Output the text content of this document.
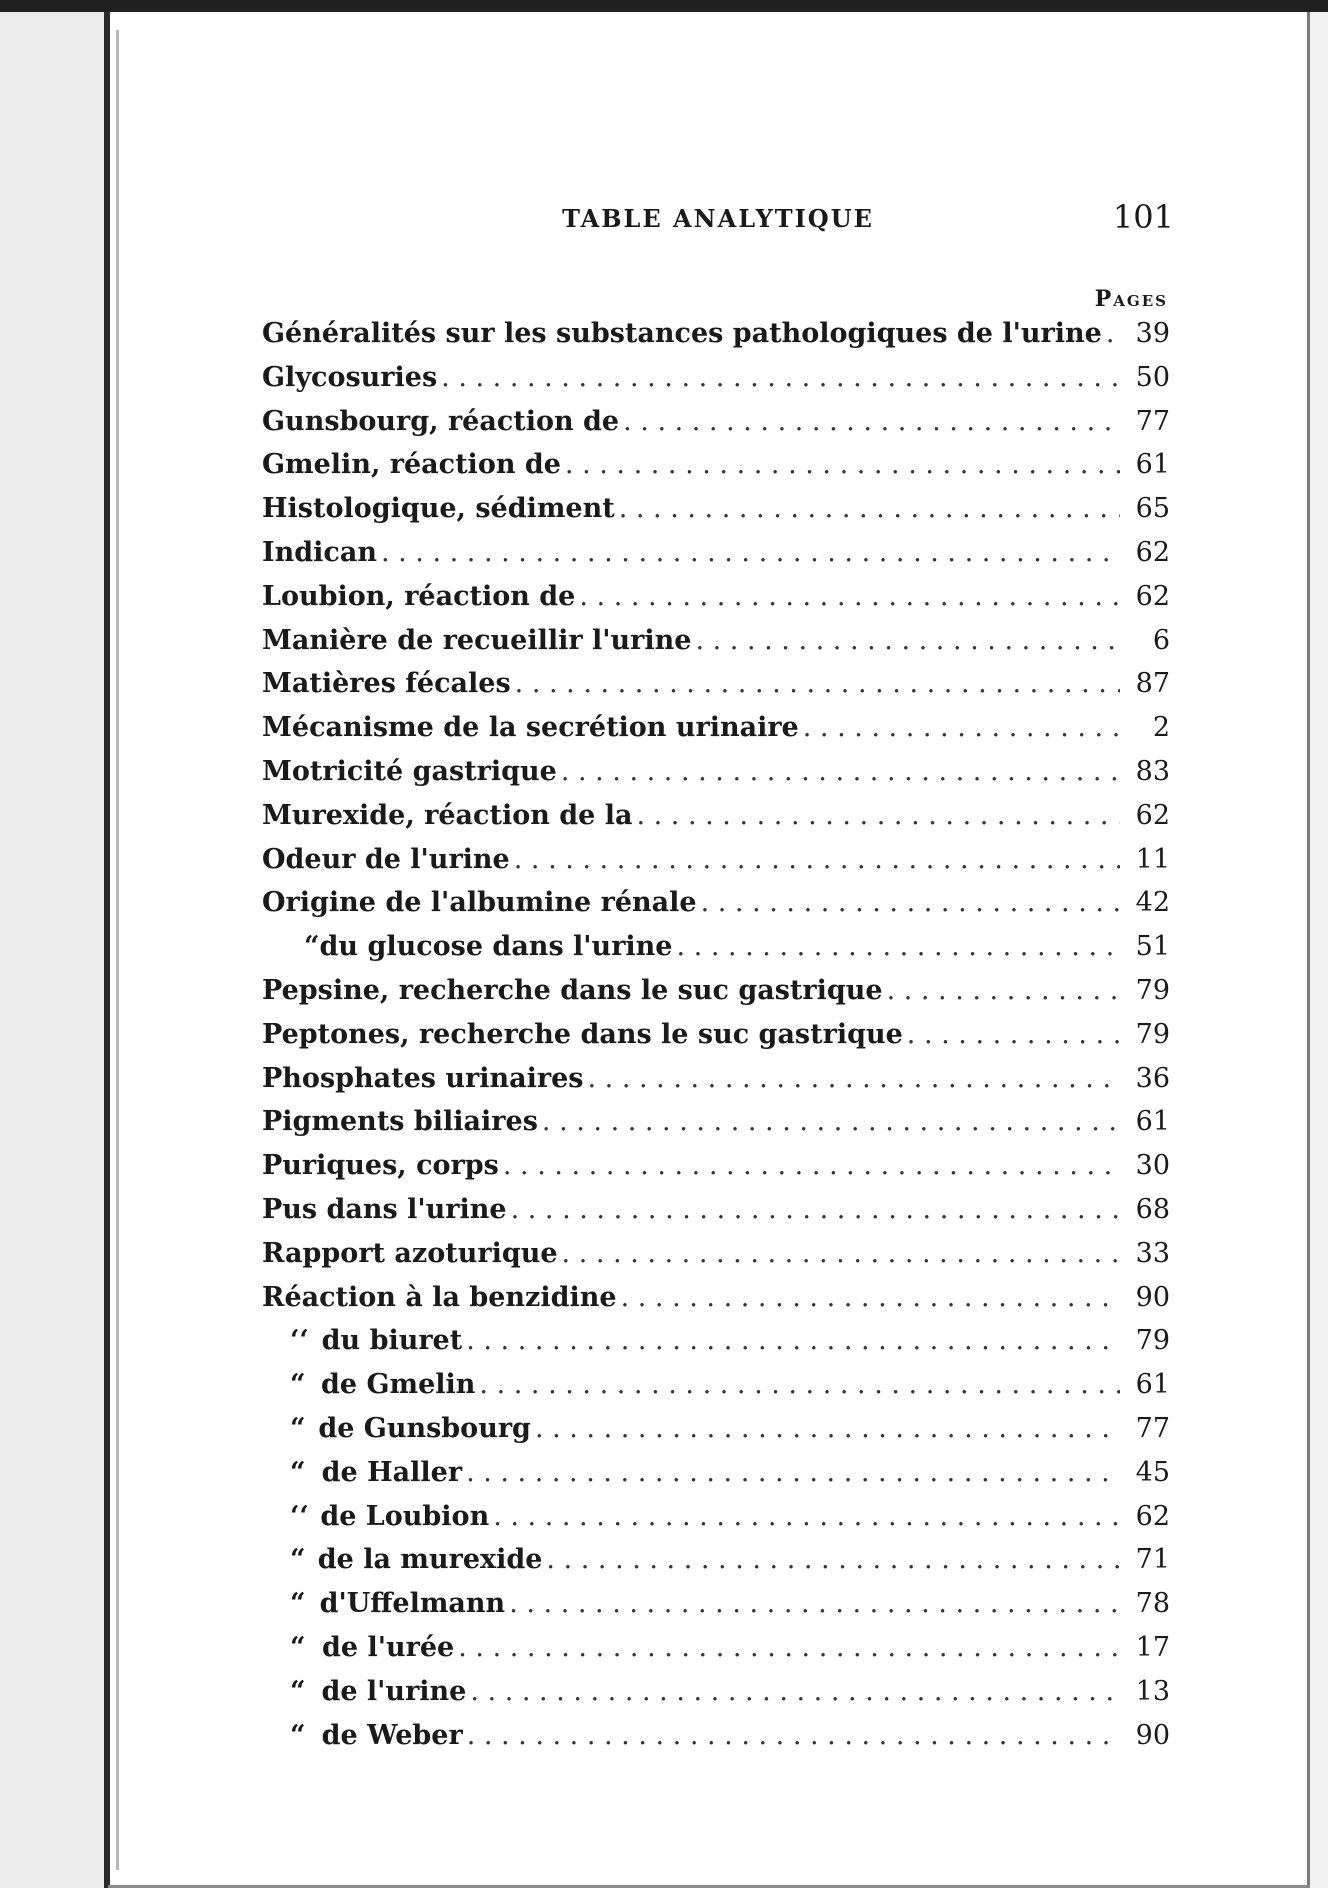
TABLE ANALYTIQUE	101
Pages
Généralités sur les substances pathologiques de l'urine . . .	39
Glycosuries . . .	50
Gunsbourg, réaction de . . .	77
Gmelin, réaction de . . .	61
Histologique, sédiment . . .	65
Indican . . .	62
Loubion, réaction de . . .	62
Manière de recueillir l'urine . . .	6
Matières fécales . . .	87
Mécanisme de la secrétion urinaire . . .	2
Motricité gastrique . . .	83
Murexide, réaction de la . . .	62
Odeur de l'urine . . .	11
Origine de l'albumine rénale . . .	42
“ du glucose dans l'urine . . .	51
Pepsine, recherche dans le suc gastrique . . .	79
Peptones, recherche dans le suc gastrique . . .	79
Phosphates urinaires . . .	36
Pigments biliaires . . .	61
Puriques, corps . . .	30
Pus dans l'urine . . .	68
Rapport azoturique . . .	33
Réaction à la benzidine . . .	90
‘‘ du biuret . . .	79
“ de Gmelin . . .	61
“ de Gunsbourg . . .	77
“ de Haller . . .	45
‘‘ de Loubion . . .	62
“ de la murexide . . .	71
“ d'Uffelmann . . .	78
“ de l'urée . . .	17
“ de l'urine . . .	13
“ de Weber . . .	90
